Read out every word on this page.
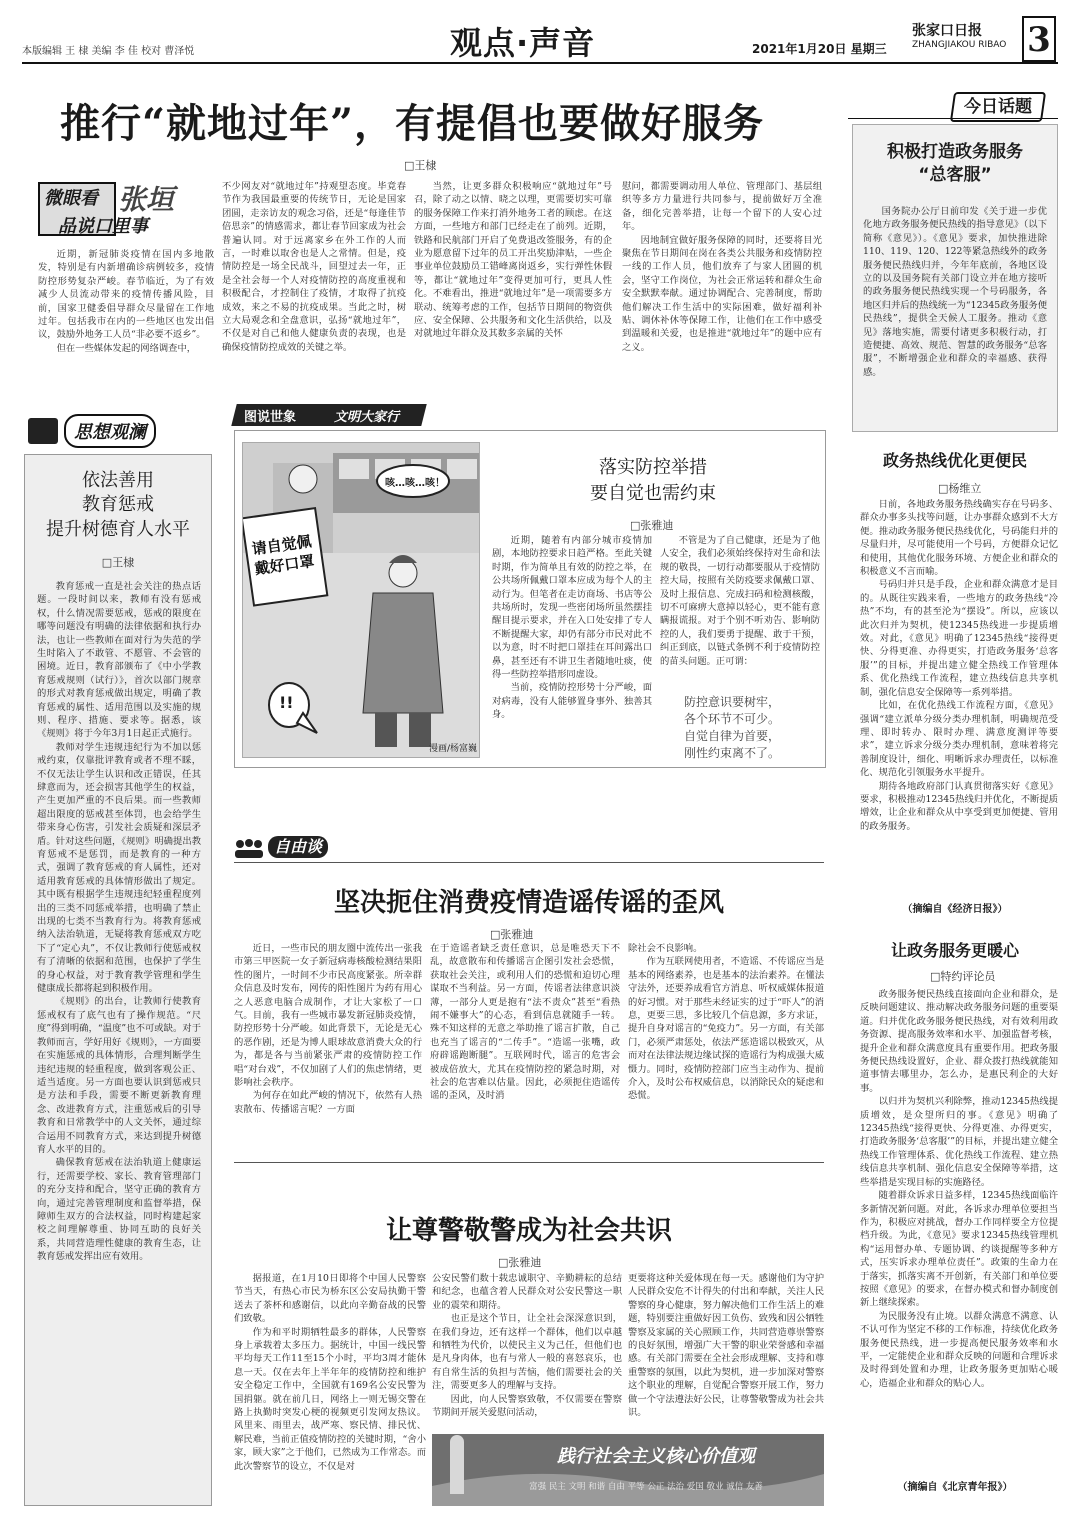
本版编辑 王 棣 美编 李 佳 校对 曹泽悦	观点·声音	2021年1月20日 星期三
张家口日报
ZHANGJIAKOU RIBAO 3
推行“就地过年”，有提倡也要做好服务
□王棣
微眼看 张垣
品说口里事

近期，新冠肺炎疫情在国内多地散发，特别是有内新增确诊病例较多，疫情防控形势复杂严峻。春节临近，为了有效减少人员流动带来的疫情传播风险，目前，国家卫健委倡导群众尽量留在工作地过年。包括我市在内的一些地区也发出倡议，鼓励外地务工人员“非必要不返乡”。

但在一些媒体发起的网络调查中，

不少网友对“就地过年”持观望态度。毕竟春节作为我国最重要的传统节日，无论是国家团圆，走亲访友的观念习俗，还是“每逢佳节倍思亲”的情感需求，都让春节回家成为社会普遍认同。对于远离家乡在外工作的人而言，一时难以取舍也是人之常情。但是，疫情防控是一场全民战斗，回望过去一年，正是全社会每一个人对疫情防控的高度重视和积极配合，才控制住了疫情，才取得了抗疫成效，来之不易的抗疫成果。当此之时，树立大局观念和全盘意识，弘扬“就地过年”，不仅是对自己和他人健康负责的表现，也是确保疫情防控成效的关键之举。

当然，让更多群众积极响应“就地过年”号召，除了动之以情、晓之以理，更需要切实可靠的服务保障工作来打消外地务工者的顾虑。在这方面，一些地方和部门已经走在了前列。近期，铁路和民航部门开启了免费退改签服务，有的企业为愿意留下过年的员工开出奖励津贴，一些企事业单位鼓励员工错峰离岗返乡，实行弹性休假等，都让“就地过年”变得更加可行，更具人性化。不难看出，推进“就地过年”是一项需要多方联动、统筹考虑的工作，包括节日期间的物资供应、安全保障、公共服务和文化生活供给，以及对就地过年群众及其数多亲属的关怀

慰问，都需要调动用人单位、管理部门、基层组织等多方力量进行共同参与，提前做好万全准备，细化完善举措，让每一个留下的人安心过年。

因地制宜做好服务保障的同时，还要将目光聚焦在节日期间在岗在各类公共服务和疫情防控一线的工作人员，他们放弃了与家人团圆的机会，坚守工作岗位，为社会正常运转和群众生命安全默默奉献。通过协调配合、完善制度，帮助他们解决工作生活中的实际困难，做好福利补贴、调休补休等保障工作，让他们在工作中感受到温暖和关爱，也是推进“就地过年”的题中应有之义。

今日话题
积极打造政务服务
“总客服”

国务院办公厅日前印发《关于进一步优化地方政务服务便民热线的指导意见》（以下简称《意见》）。《意见》要求，加快推进除110、119、120、122等紧急热线外的政务服务便民热线归并，今年年底前，各地区设立的以及国务院有关部门设立并在地方接听的政务服务便民热线实现一个号码服务，各地区归并后的热线统一为“12345政务服务便民热线”，提供全天候人工服务。推动《意见》落地实施，需要付诸更多积极行动，打造便捷、高效、规范、智慧的政务服务“总客服”，不断增强企业和群众的幸福感、获得感。

政务热线优化更便民
□杨维立

日前，各地政务服务热线确实存在号码多、群众办事多头找等问题，让办事群众感到不大方便。推动政务服务便民热线优化，号码能归并的尽量归并，尽可能使用一个号码，方便群众记忆和使用，其他优化服务环境、方便企业和群众的积极意义不言而喻。

号码归并只是手段，企业和群众满意才是目的。从既往实践来看，一些地方的政务热线“冷热”不均，有的甚至沦为“摆设”。所以，应该以此次归并为契机，使12345热线进一步提质增效。对此，《意见》明确了12345热线“接得更快、分得更准、办得更实，打造政务服务‘总客服’”的目标，并提出建立健全热线工作管理体系、优化热线工作流程，建立热线信息共享机制，强化信息安全保障等一系列举措。

比如，在优化热线工作流程方面，《意见》强调“建立派单分级分类办理机制，明确规范受理、即时转办、限时办理、满意度测评等要求”，建立诉求分级分类办理机制，意味着将完善制度设计，细化、明晰诉求办理责任，以标准化、规范化引领服务水平提升。

期待各地政府部门认真贯彻落实好《意见》要求，积极推动12345热线归并优化，不断提质增效，让企业和群众从中享受到更加便捷、管用的政务服务。

（摘编自《经济日报》）
让政务服务更暖心
□特约评论员

政务服务便民热线直接面向企业和群众，是反映问题建议、推动解决政务服务问题的重要渠道。归并优化政务服务便民热线，对有效利用政务资源、提高服务效率和水平、加强监督考核，提升企业和群众满意度具有重要作用。把政务服务便民热线设置好，企业、群众拨打热线就能知道事情去哪里办，怎么办，是惠民利企的大好事。

以归并为契机兴利除弊，推动12345热线提质增效，是众望所归的事。《意见》明确了12345热线“接得更快、分得更准、办得更实，打造政务服务‘总客服’”的目标，并提出建立健全热线工作管理体系、优化热线工作流程、建立热线信息共享机制、强化信息安全保障等举措，这些举措是实现目标的实施路径。

随着群众诉求日益多样，12345热线面临许多新情况新问题。对此，各诉求办理单位要担当作为，积极应对挑战，督办工作同样要全方位提档升级。为此，《意见》要求12345热线管理机构“运用督办单、专题协调、约谈提醒等多种方式，压实诉求办理单位责任”。政策的生命力在于落实，抓落实离不开创新，有关部门和单位要按照《意见》的要求，在督办模式和督办制度创新上继续探索。

为民服务没有止境。以群众满意不满意、认不认可作为坚定不移的工作标准，持续优化政务服务便民热线，进一步提高便民服务效率和水平，一定能使企业和群众反映的问题和合理诉求及时得到处置和办理，让政务服务更加贴心暖心，造福企业和群众的贴心人。

（摘编自《北京青年报》）
思想观澜
依法善用
教育惩戒
提升树德育人水平
□王棣

教育惩戒一直是社会关注的热点话题。一段时间以来，教师有没有惩戒权，什么情况需要惩戒，惩戒的限度在哪等问题没有明确的法律依据和执行办法，也让一些教师在面对行为失范的学生时陷入了不敢管、不愿管、不会管的困境。近日，教育部颁布了《中小学教育惩戒规则（试行）》，首次以部门规章的形式对教育惩戒做出规定，明确了教育惩戒的属性、适用范围以及实施的规则、程序、措施、要求等。据悉，该《规则》将于今年3月1日起正式施行。

教师对学生违规违纪行为不加以惩戒约束，仅靠批评教育或者不理不睬，不仅无法让学生认识和改正错误，任其肆意而为，还会损害其他学生的权益，产生更加严重的不良后果。而一些教师超出限度的惩戒甚至体罚，也会给学生带来身心伤害，引发社会质疑和深层矛盾。针对这些问题，《规则》明确提出教育惩戒不是惩罚，而是教育的一种方式，强调了教育惩戒的育人属性，还对适用教育惩戒的具体情形做出了规定。其中既有根据学生违规违纪轻重程度列出的三类不同惩戒举措，也明确了禁止出现的七类不当教育行为。将教育惩戒纳入法治轨道，无疑将教育惩戒双方吃下了“定心丸”，不仅让教师行使惩戒权有了清晰的依据和范围，也保护了学生的身心权益，对于教育教学管理和学生健康成长都将起到积极作用。

《规则》的出台，让教师行使教育惩戒权有了底气也有了操作规范。“尺度”得到明确，“温度”也不可或缺。对于教师而言，学好用好《规则》，一方面要在实施惩戒的具体情形，合理判断学生违纪违规的轻重程度，做到客观公正、适当适度。另一方面也要认识到惩戒只是方法和手段，需要不断更新教育理念、改进教育方式，注重惩戒后的引导教育和日常教学中的人文关怀，通过综合运用不同教育方式，来达到提升树德育人水平的目的。

确保教育惩戒在法治轨道上健康运行，还需要学校、家长、教育管理部门的充分支持和配合，坚守正确的教育方向，通过完善管理制度和监督举措，保障师生双方的合法权益，同时构建起家校之间理解尊重、协同互助的良好关系，共同营造理性健康的教育生态，让教育惩戒发挥出应有效用。

图说世象	文明大家行
请自觉佩
戴好口罩
咳…咳…咳！
!!
漫画/杨富巍
落实防控举措
要自觉也需约束
□张雅迪

近期，随着有内部分城市疫情加剧，本地防控要求日趋严格。至此关键时期，作为简单且有效的防控之举，在公共场所佩戴口罩本应成为每个人的主动行为。但笔者在走访商场、书店等公共场所时，发现一些密闭场所虽然摆挂醒目提示要求，并在入口处安排了专人不断提醒大家，却仍有部分市民对此不以为意，时不时把口罩挂在耳间露出口鼻，甚至还有不讲卫生者随地吐痰，使得一些防控举措形同虚设。

当前，疫情防控形势十分严峻，面对病毒，没有人能够置身事外、独善其身。

不管是为了自己健康，还是为了他人安全，我们必须始终保持对生命和法规的敬畏，一切行动都要服从于疫情防控大局，按照有关防疫要求佩戴口罩、及时上报信息、完成扫码和检测核酸，切不可麻痹大意掉以轻心，更不能有意瞒报谎报。对于个别不听劝告、影响防控的人，我们要勇于提醒、敢于干预，纠正到底，以链式条例不利于疫情防控的苗头问题。正可谓：

防控意识要树牢，
各个环节不可少。
自觉自律为首要，
刚性约束离不了。
自由谈
坚决扼住消费疫情造谣传谣的歪风
□张雅迪

近日，一些市民的朋友圈中流传出一张我市第三甲医院一女子新冠病毒核酸检测结果阳性的图片，一时间不少市民高度紧张。所幸群众信息及时发布，网传的阳性图片为药有用心之人恶意电脑合成制作，才让大家松了一口气。目前，我有一些城市暴发新冠肺炎疫情，防控形势十分严峻。如此背景下，无论是无心的恶作剧，还是为博人眼球故意消费大众的行为，都是各与当前紧张严肃的疫情防控工作唱“对台戏”，不仅加剧了人们的焦虑情绪，更影响社会秩序。

为何存在如此严峻的情况下，依然有人热衷散布、传播谣言呢？一方面

在于造谣者缺乏责任意识，总是唯恐天下不乱，故意散布和传播谣言企图引发社会恐慌，获取社会关注，或利用人们的恐慌和迫切心理谋取不当利益。另一方面，传谣者法律意识淡薄，一部分人更是抱有“法不责众”甚至“看热闹不嫌事大”的心态，看到信息就随手一转。殊不知这样的无意之举助推了谣言扩散，自己也充当了谣言的“二传手”。“造谣一张嘴，政府辟谣跑断腿”。互联网时代，谣言的危害会被成倍放大，尤其在疫情防控的紧急时期，对社会的危害难以估量。因此，必须扼住造谣传谣的歪风，及时消

除社会不良影响。

作为互联网使用者，不造谣、不传谣应当是基本的网络素养，也是基本的法治素养。在懂法守法外，还要养成看官方消息、听权威媒体报道的好习惯。对于那些未经证实的过于“吓人”的消息，更要三思，多比较几个信息源，多方求证，提升自身对谣言的“免疫力”。另一方面，有关部门，必须严肃惩处，依法严惩造谣以极致灭，从而对在法律法规边缘试探的造谣行为构成强大威慑力。同时，疫情防控部门应当主动作为、提前介入，及时公布权威信息，以消除民众的疑虑和恐慌。

让尊警敬警成为社会共识
□张雅迪

据报道，在1月10日即将个中国人民警察节当天，有热心市民为桥东区公安局执勤干警送去了茶杯和感谢信，以此向辛勤奋战的民警们致敬。

作为和平时期牺牲最多的群体，人民警察身上承载着太多压力。据统计，中国一线民警平均每天工作11至15个小时，平均3周才能休息一天。仅在去年上半年年的疫情防控和维护安全稳定工作中，全国就有169名公安民警为国捐躯。就在前几日，网络上一则无锡交警在路上执勤时突发心梗的视频更引发网友热议。风里来、雨里去，战严寒、察民情、排民忧、解民难，当前正值疫情防控的关键时期，“舍小家，顾大家”之于他们，已然成为工作常态。而此次警察节的设立，不仅是对

公安民警们数十载忠诚职守、辛勤耕耘的总结和纪念，也蕴含着人民群众对公安民警这一职业的震荣和期待。

也正是这个节日，让全社会深深意识到，在我们身边，还有这样一个群体，他们以卓越和牺牲为代价，以使民主义为己任，但他们也是凡身肉体，也有与常人一般的喜怒哀乐，也有自常生活的负担与苦恼，他们需要社会的关注，需要更多人的理解与支持。

因此，向人民警察致敬，不仅需要在警察节期间开展关爱慰问活动，

更要将这种关爱体现在每一天。感谢他们为守护人民群众安危不计得失的付出和奉献，关注人民警察的身心健康，努力解决他们工作生活上的难题，特别要注重做好因工负伤、致残和因公牺牲警察及家属的关心照顾工作，共同营造尊崇警察的良好氛围，增强广大干警的职业荣誉感和幸福感。有关部门需要在全社会形成理解、支持和尊重警察的氛围，以此为契机，进一步加深对警察这个职业的理解，自觉配合警察开展工作，努力做一个守法遵法好公民，让尊警敬警成为社会共识。

践行社会主义核心价值观
富强 民主 文明 和谐 自由 平等 公正 法治 爱国 敬业 诚信 友善
